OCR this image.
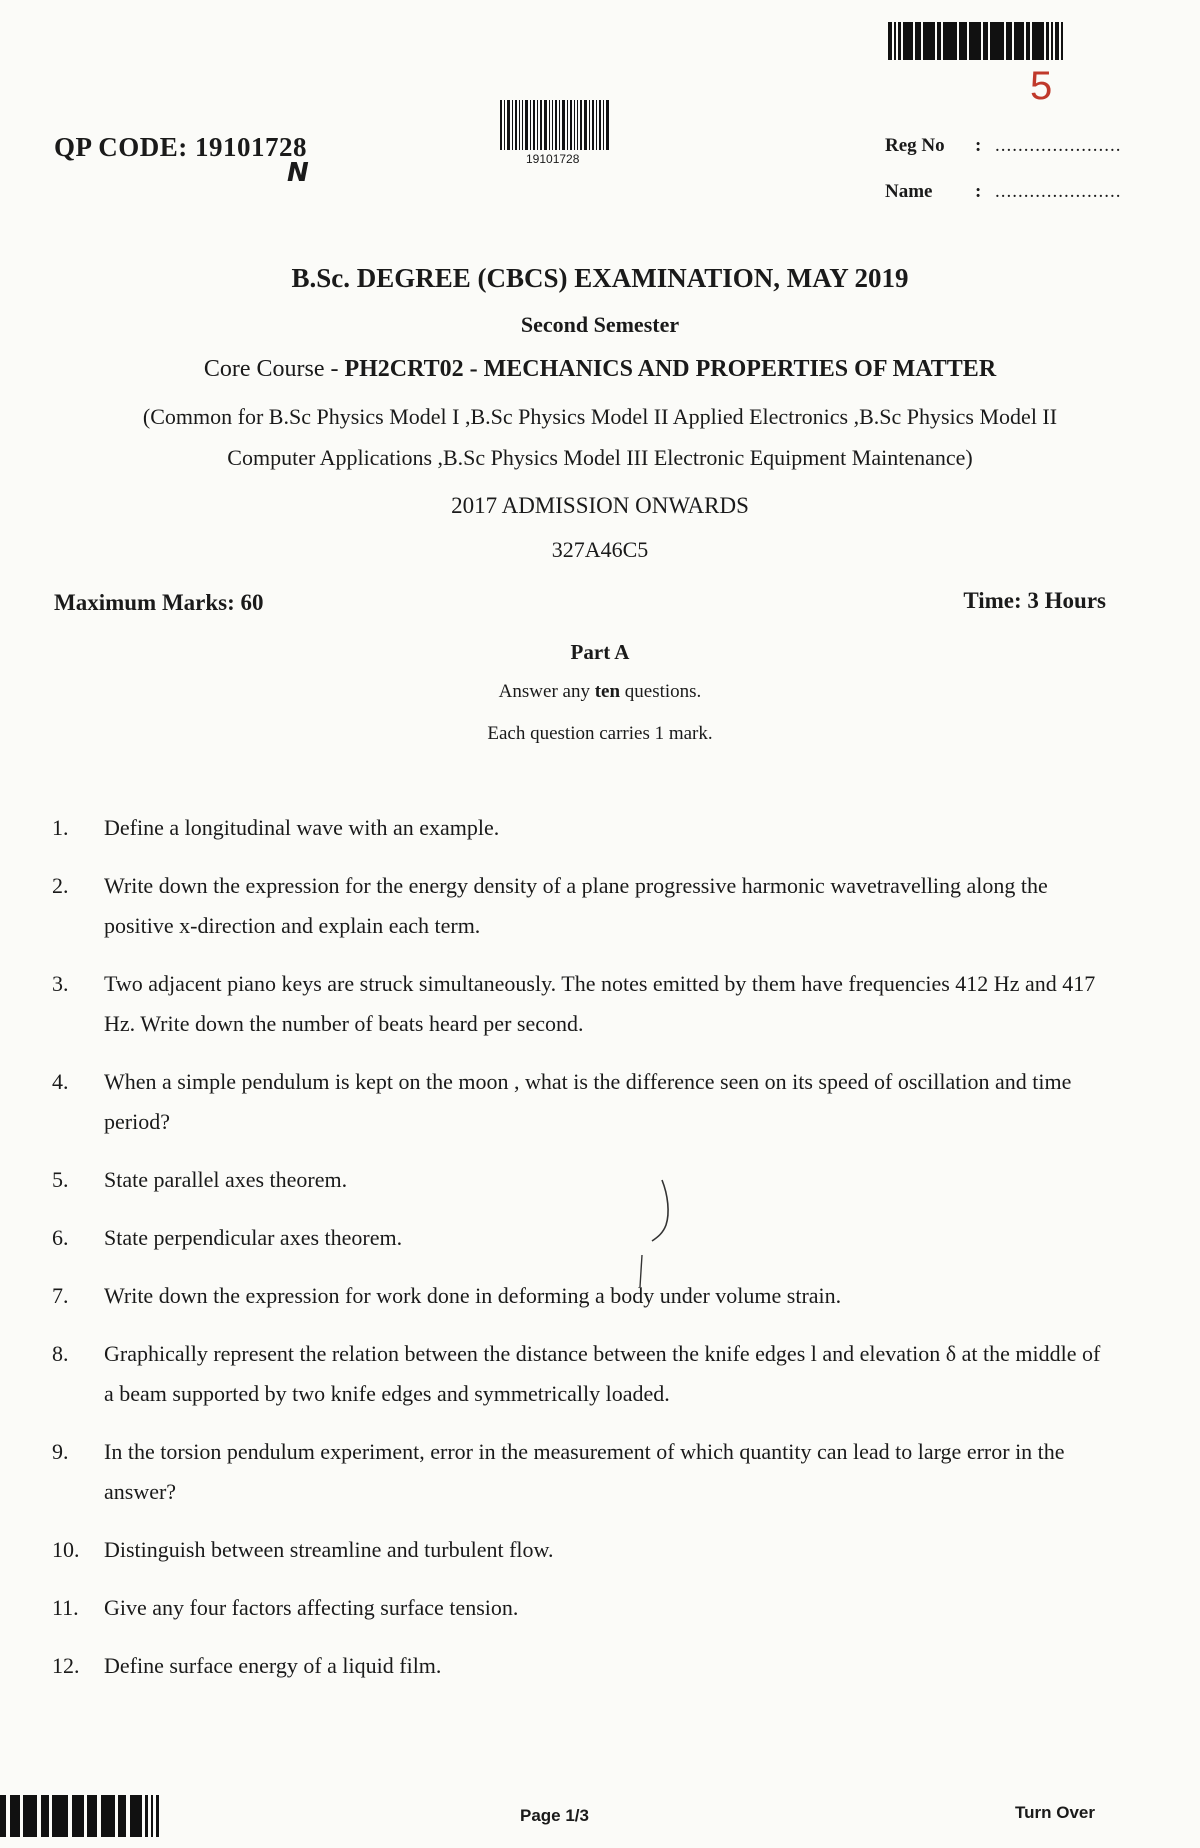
5
19101728
QP CODE: 19101728
N
Reg No	: ......................
Name	: ......................
B.Sc. DEGREE (CBCS) EXAMINATION, MAY 2019
Second Semester
Core Course - PH2CRT02 - MECHANICS AND PROPERTIES OF MATTER
(Common for B.Sc Physics Model I ,B.Sc Physics Model II Applied Electronics ,B.Sc Physics Model II
Computer Applications ,B.Sc Physics Model III Electronic Equipment Maintenance)
2017 ADMISSION ONWARDS
327A46C5
Maximum Marks: 60	Time: 3 Hours
Part A
Answer any ten questions.
Each question carries 1 mark.
1.	Define a longitudinal wave with an example.
2.	Write down the expression for the energy density of a plane progressive harmonic wavetravelling along the positive x-direction and explain each term.
3.	Two adjacent piano keys are struck simultaneously. The notes emitted by them have frequencies 412 Hz and 417 Hz. Write down the number of beats heard per second.
4.	When a simple pendulum is kept on the moon , what is the difference seen on its speed of oscillation and time period?
5.	State parallel axes theorem.
6.	State perpendicular axes theorem.
7.	Write down the expression for work done in deforming a body under volume strain.
8.	Graphically represent the relation between the distance between the knife edges l and elevation δ at the middle of a beam supported by two knife edges and symmetrically loaded.
9.	In the torsion pendulum experiment, error in the measurement of which quantity can lead to large error in the answer?
10.	Distinguish between streamline and turbulent flow.
11.	Give any four factors affecting surface tension.
12.	Define surface energy of a liquid film.
Page 1/3	Turn Over
